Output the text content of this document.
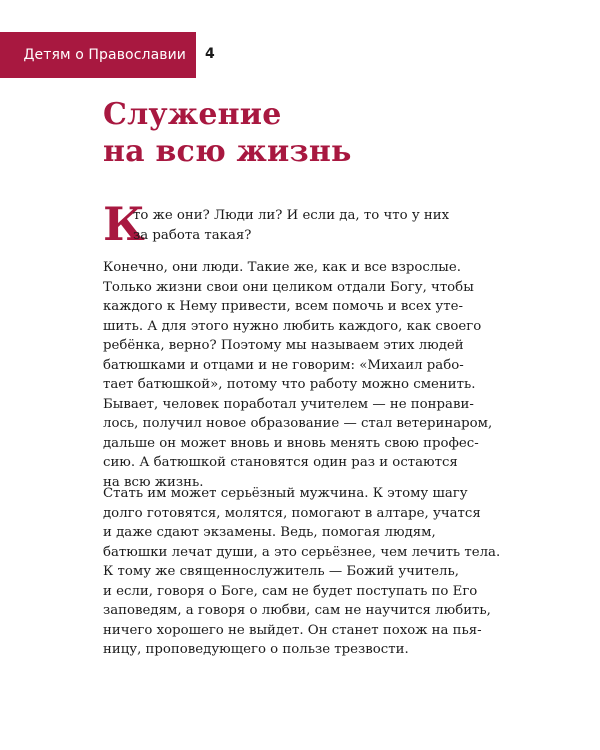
Детям о Православии 4
Служение
на всю жизнь
К
то же они? Люди ли? И если да, то что у них
за работа такая?
Конечно, они люди. Такие же, как и все взрослые.
Только жизни свои они целиком отдали Богу, чтобы
каждого к Нему привести, всем помочь и всех уте-
шить. А для этого нужно любить каждого, как своего
ребёнка, верно? Поэтому мы называем этих людей
батюшками и отцами и не говорим: «Михаил рабо-
тает батюшкой», потому что работу можно сменить.
Бывает, человек поработал учителем — не понрави-
лось, получил новое образование — стал ветеринаром,
дальше он может вновь и вновь менять свою профес-
сию. А батюшкой становятся один раз и остаются
на всю жизнь.
Стать им может серьёзный мужчина. К этому шагу
долго готовятся, молятся, помогают в алтаре, учатся
и даже сдают экзамены. Ведь, помогая людям,
батюшки лечат души, а это серьёзнее, чем лечить тела.
К тому же священнослужитель — Божий учитель,
и если, говоря о Боге, сам не будет поступать по Его
заповедям, а говоря о любви, сам не научится любить,
ничего хорошего не выйдет. Он станет похож на пья-
ницу, проповедующего о пользе трезвости.
